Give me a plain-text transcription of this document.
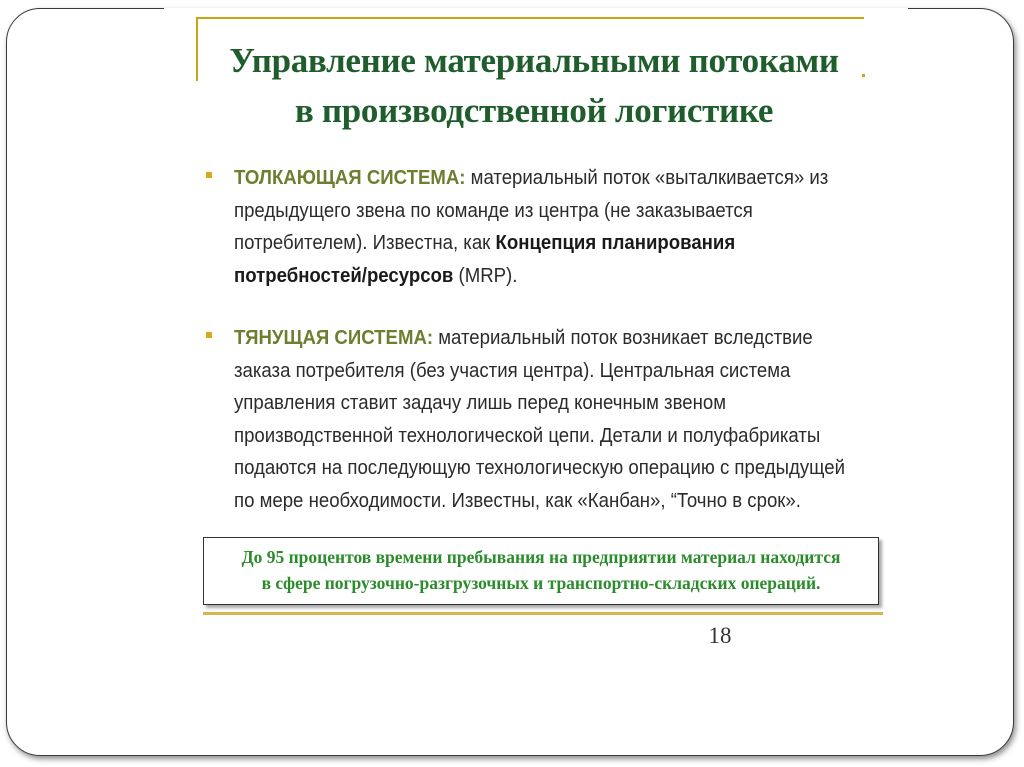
Управление материальными потоками
в производственной логистике
ТОЛКАЮЩАЯ СИСТЕМА: материальный поток «выталкивается» из предыдущего звена по команде из центра (не заказывается потребителем). Известна, как Концепция планирования потребностей/ресурсов (MRP).
ТЯНУЩАЯ СИСТЕМА: материальный поток возникает вследствие заказа потребителя (без участия центра). Центральная система управления ставит задачу лишь перед конечным звеном производственной технологической цепи. Детали и полуфабрикаты подаются на последующую технологическую операцию с предыдущей по мере необходимости. Известны, как «Канбан», “Точно в срок».
До 95 процентов времени пребывания на предприятии материал находится
в сфере погрузочно-разгрузочных и транспортно-складских операций.
18
